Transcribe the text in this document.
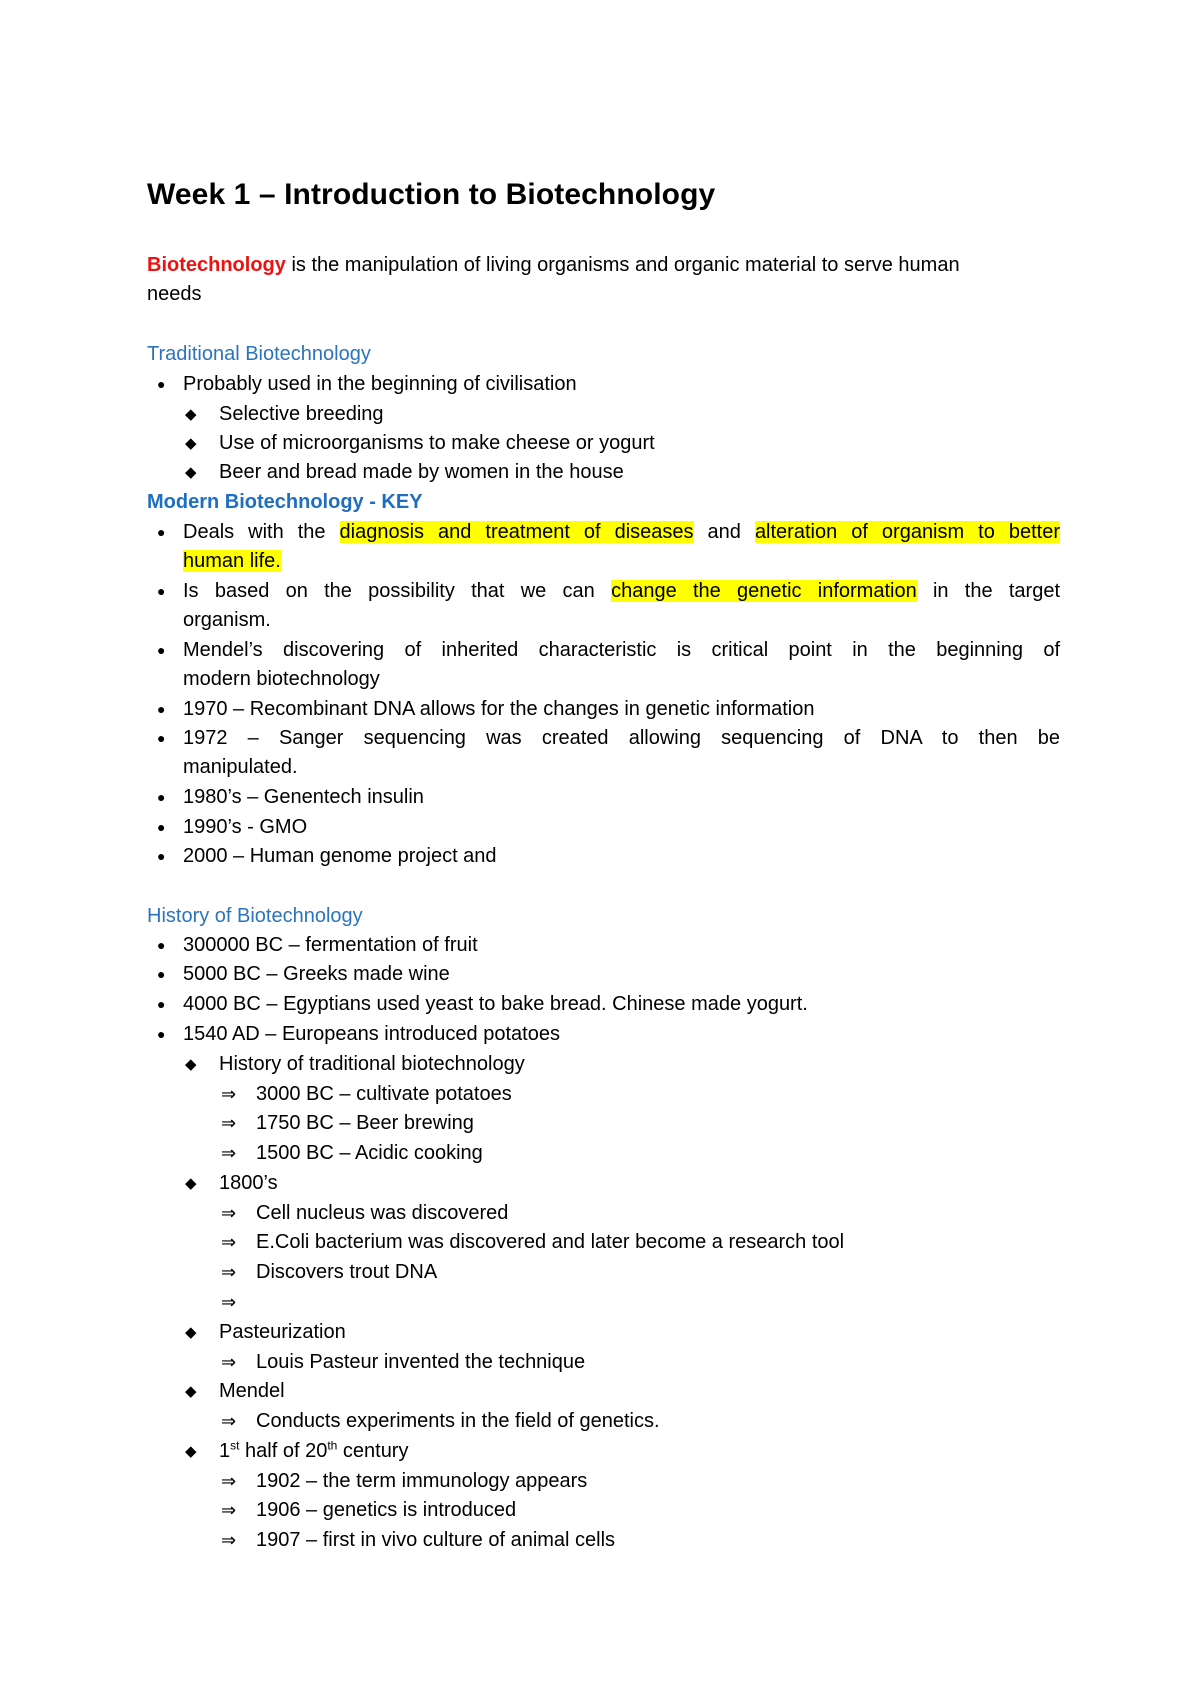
Week 1 – Introduction to Biotechnology
Biotechnology is the manipulation of living organisms and organic material to serve human
needs
Traditional Biotechnology
● Probably used in the beginning of civilisation
◆ Selective breeding
◆ Use of microorganisms to make cheese or yogurt
◆ Beer and bread made by women in the house
Modern Biotechnology - KEY
● Deals with the diagnosis and treatment of diseases and alteration of organism to better
human life.
● Is based on the possibility that we can change the genetic information in the target
organism.
● Mendel’s discovering of inherited characteristic is critical point in the beginning of
modern biotechnology
● 1970 – Recombinant DNA allows for the changes in genetic information
● 1972 – Sanger sequencing was created allowing sequencing of DNA to then be
manipulated.
● 1980’s – Genentech insulin
● 1990’s - GMO
● 2000 – Human genome project and
History of Biotechnology
● 300000 BC – fermentation of fruit
● 5000 BC – Greeks made wine
● 4000 BC – Egyptians used yeast to bake bread. Chinese made yogurt.
● 1540 AD – Europeans introduced potatoes
◆ History of traditional biotechnology
⇒ 3000 BC – cultivate potatoes
⇒ 1750 BC – Beer brewing
⇒ 1500 BC – Acidic cooking
◆ 1800’s
⇒ Cell nucleus was discovered
⇒ E.Coli bacterium was discovered and later become a research tool
⇒ Discovers trout DNA
⇒
◆ Pasteurization
⇒ Louis Pasteur invented the technique
◆ Mendel
⇒ Conducts experiments in the field of genetics.
◆ 1st half of 20th century
⇒ 1902 – the term immunology appears
⇒ 1906 – genetics is introduced
⇒ 1907 – first in vivo culture of animal cells
